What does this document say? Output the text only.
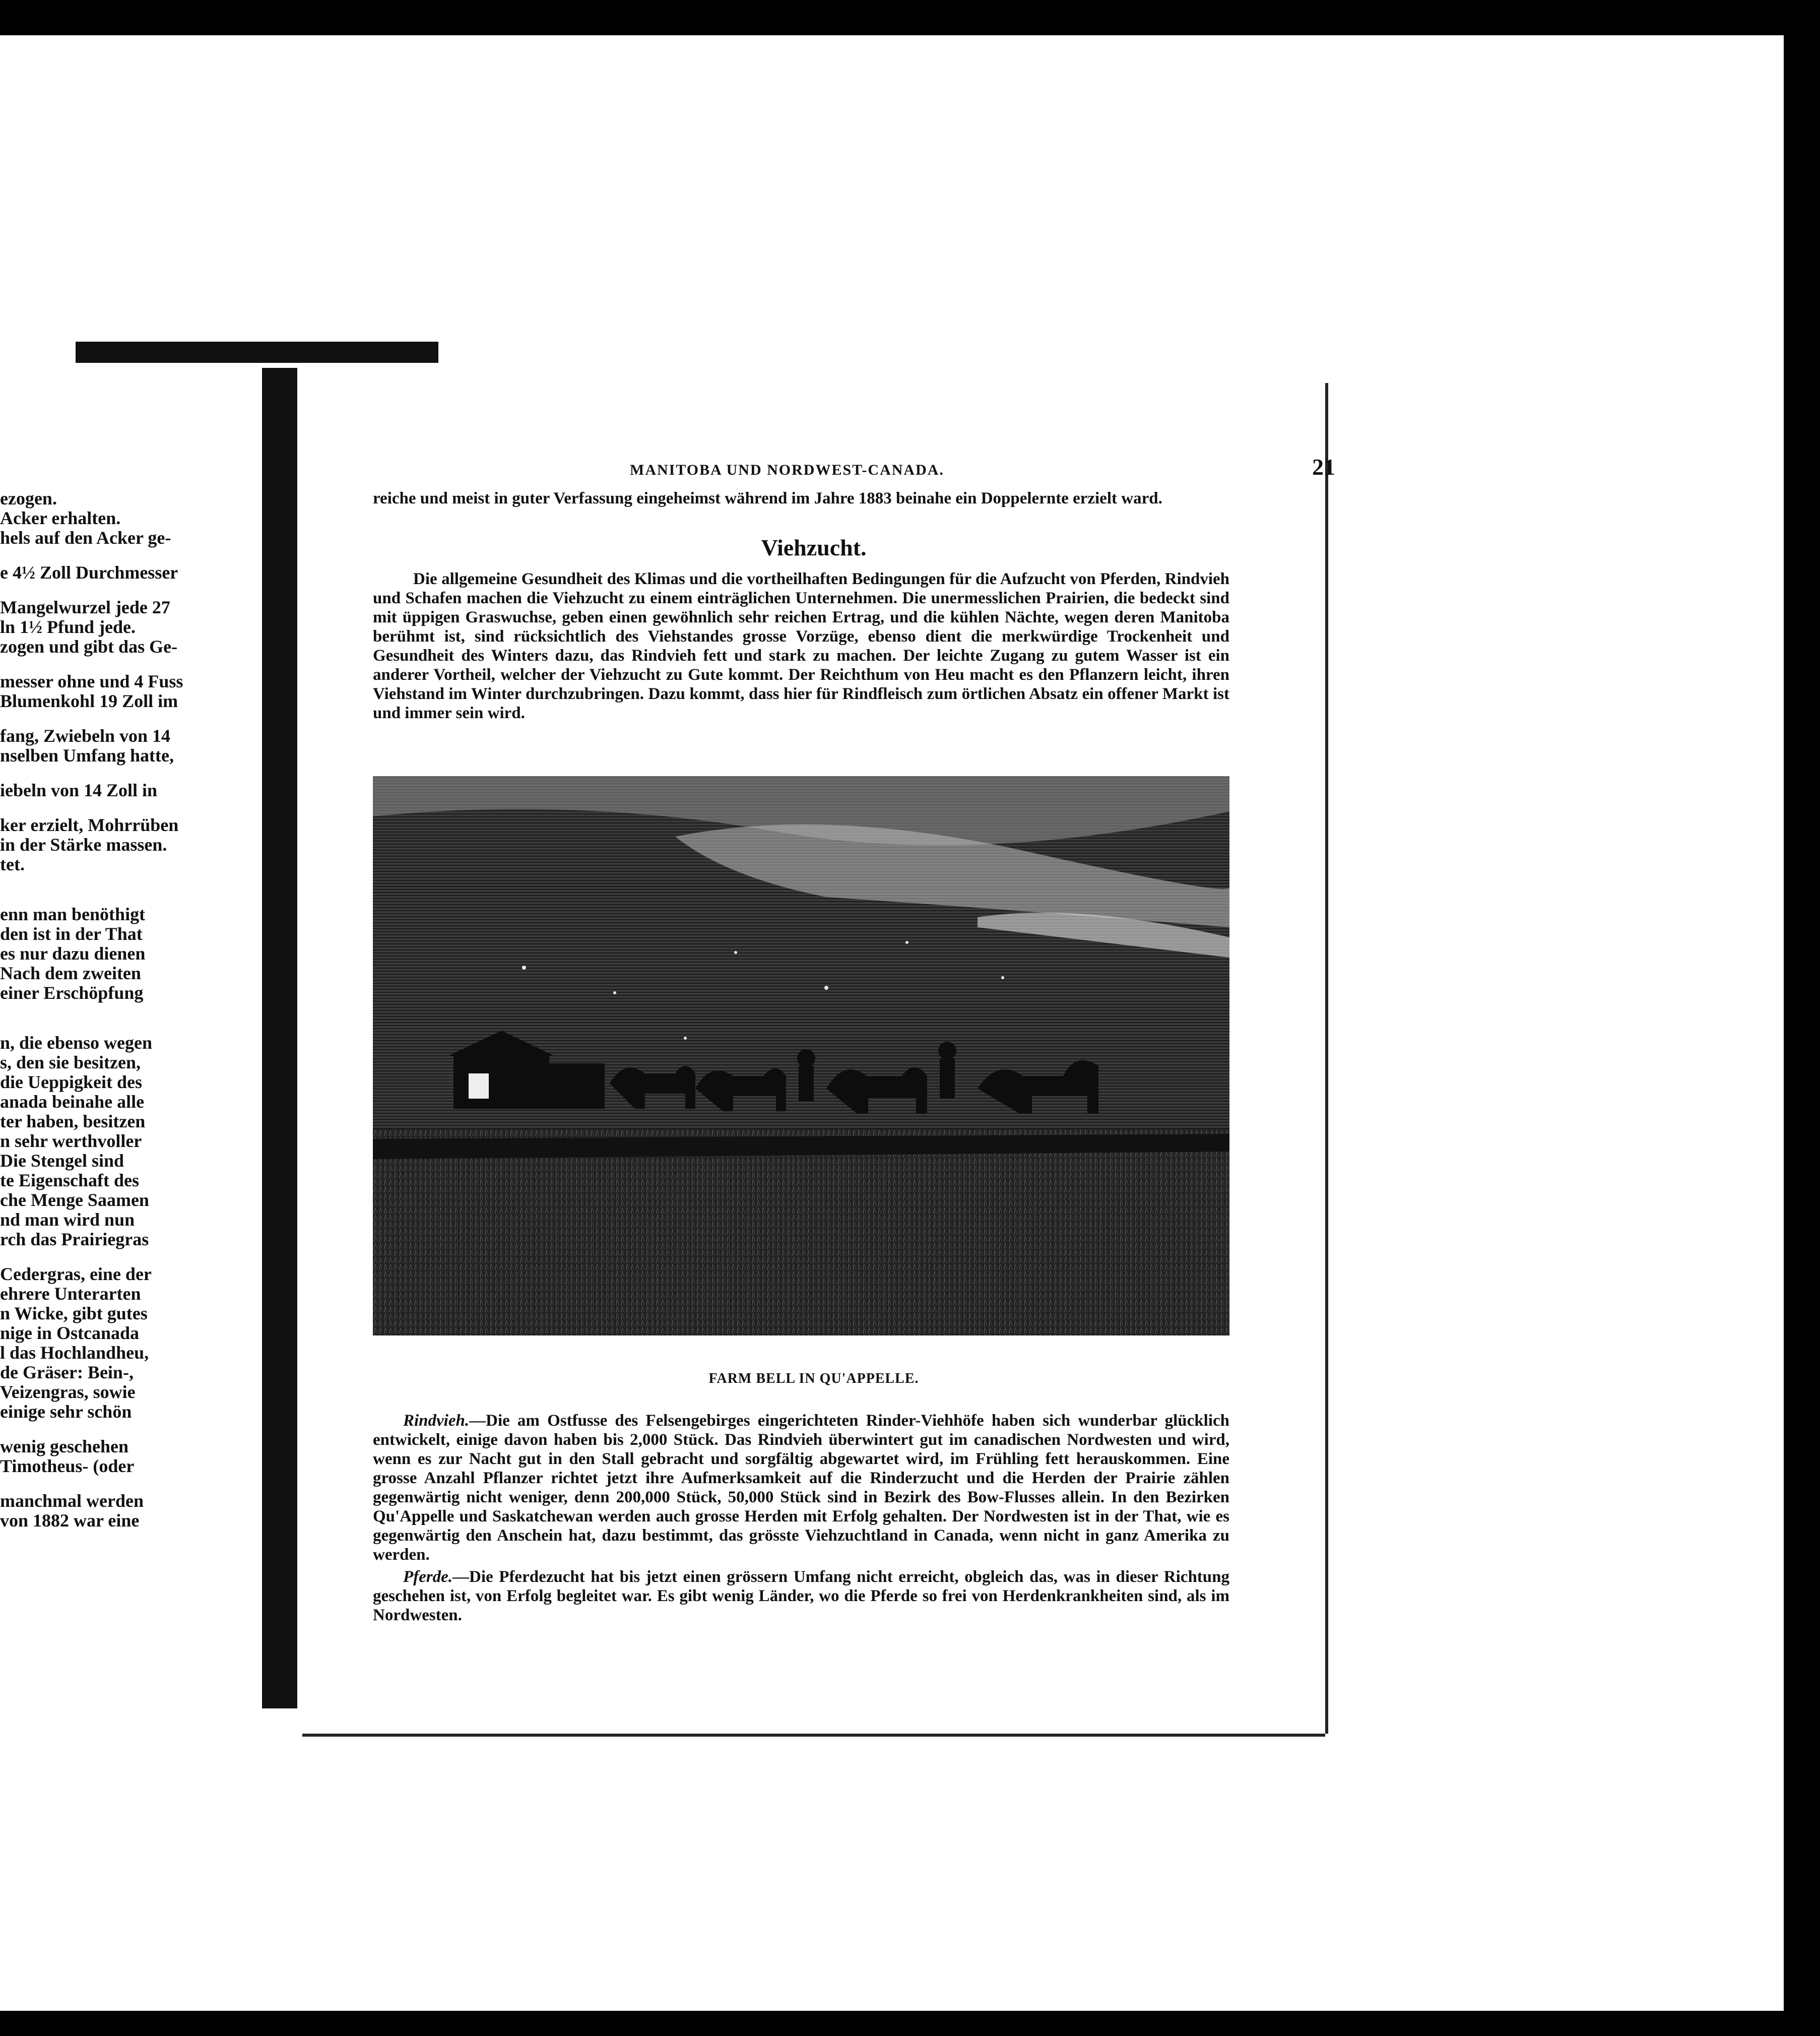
ezogen.
Acker erhalten.
hels auf den Acker ge-
e 4½ Zoll Durchmesser
Mangelwurzel jede 27
ln 1½ Pfund jede.
zogen und gibt das Ge-
messer ohne und 4 Fuss
Blumenkohl 19 Zoll im
fang, Zwiebeln von 14
nselben Umfang hatte,
iebeln von 14 Zoll in
ker erzielt, Mohrrüben
in der Stärke massen.
tet.
enn man benöthigt
den ist in der That
es nur dazu dienen
Nach dem zweiten
einer Erschöpfung
n, die ebenso wegen
s, den sie besitzen,
die Ueppigkeit des
anada beinahe alle
ter haben, besitzen
n sehr werthvoller
Die Stengel sind
te Eigenschaft des
che Menge Saamen
nd man wird nun
rch das Prairiegras
Cedergras, eine der
ehrere Unterarten
n Wicke, gibt gutes
nige in Ostcanada
l das Hochlandheu,
de Gräser: Bein-,
Veizengras, sowie
einige sehr schön
wenig geschehen
Timotheus- (oder
manchmal werden
von 1882 war eine
MANITOBA UND NORDWEST-CANADA.	21
reiche und meist in guter Verfassung eingeheimst während im Jahre 1883 beinahe ein Doppelernte erzielt ward.
Viehzucht.
Die allgemeine Gesundheit des Klimas und die vortheilhaften Bedingungen für die Aufzucht von Pferden, Rindvieh und Schafen machen die Viehzucht zu einem einträglichen Unternehmen. Die unermesslichen Prairien, die bedeckt sind mit üppigen Graswuchse, geben einen gewöhnlich sehr reichen Ertrag, und die kühlen Nächte, wegen deren Manitoba berühmt ist, sind rücksichtlich des Viehstandes grosse Vorzüge, ebenso dient die merkwürdige Trockenheit und Gesundheit des Winters dazu, das Rindvieh fett und stark zu machen. Der leichte Zugang zu gutem Wasser ist ein anderer Vortheil, welcher der Viehzucht zu Gute kommt. Der Reichthum von Heu macht es den Pflanzern leicht, ihren Viehstand im Winter durchzubringen. Dazu kommt, dass hier für Rindfleisch zum örtlichen Absatz ein offener Markt ist und immer sein wird.
FARM BELL IN QU'APPELLE.
Rindvieh.—Die am Ostfusse des Felsengebirges eingerichteten Rinder-Viehhöfe haben sich wunderbar glücklich entwickelt, einige davon haben bis 2,000 Stück. Das Rindvieh überwintert gut im canadischen Nordwesten und wird, wenn es zur Nacht gut in den Stall gebracht und sorgfältig abgewartet wird, im Frühling fett herauskommen. Eine grosse Anzahl Pflanzer richtet jetzt ihre Aufmerksamkeit auf die Rinderzucht und die Herden der Prairie zählen gegenwärtig nicht weniger, denn 200,000 Stück, 50,000 Stück sind in Bezirk des Bow-Flusses allein. In den Bezirken Qu'Appelle und Saskatchewan werden auch grosse Herden mit Erfolg gehalten. Der Nordwesten ist in der That, wie es gegenwärtig den Anschein hat, dazu bestimmt, das grösste Viehzuchtland in Canada, wenn nicht in ganz Amerika zu werden.
Pferde.—Die Pferdezucht hat bis jetzt einen grössern Umfang nicht erreicht, obgleich das, was in dieser Richtung geschehen ist, von Erfolg begleitet war. Es gibt wenig Länder, wo die Pferde so frei von Herdenkrankheiten sind, als im Nordwesten.
